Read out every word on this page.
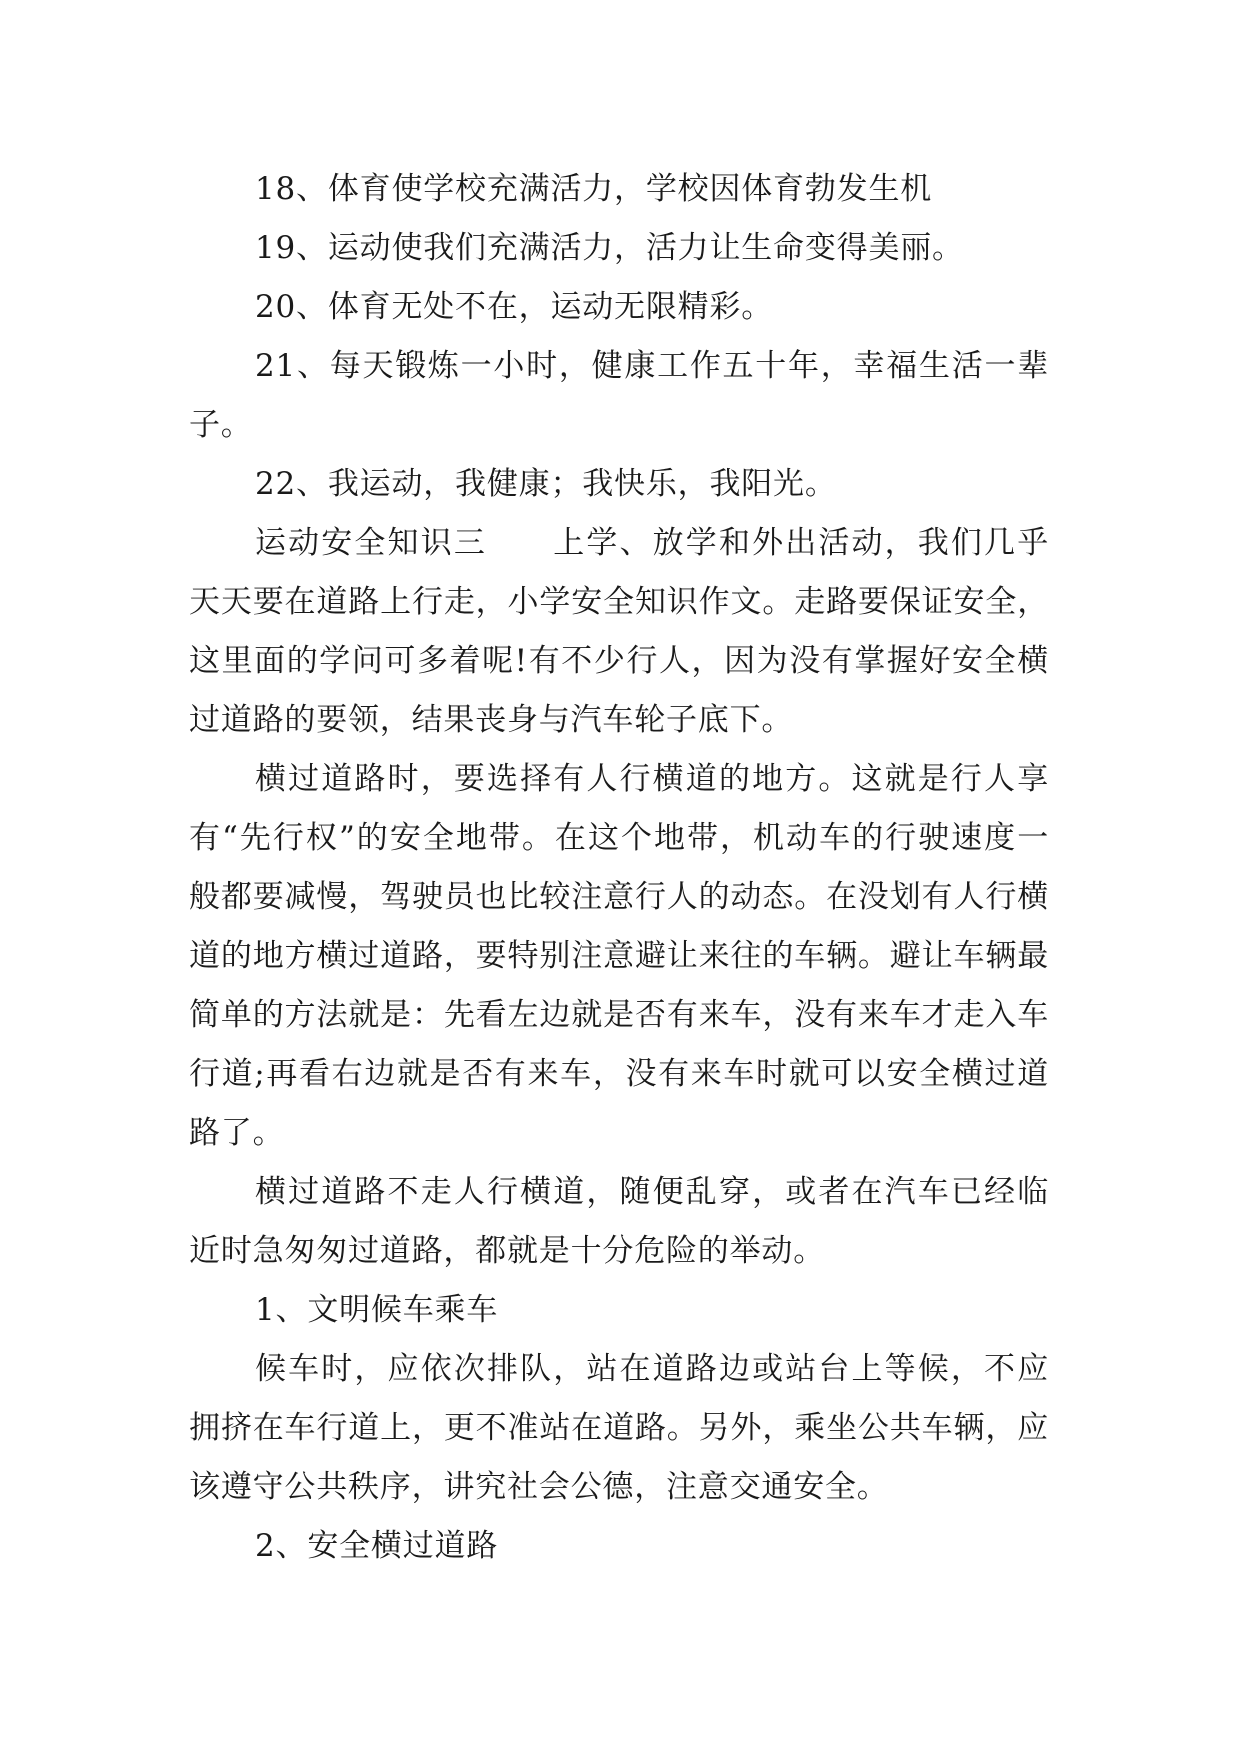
18、体育使学校充满活力，学校因体育勃发生机

19、运动使我们充满活力，活力让生命变得美丽。

20、体育无处不在，运动无限精彩。

21、每天锻炼一小时，健康工作五十年，幸福生活一辈子。

22、我运动，我健康；我快乐，我阳光。

运动安全知识三　　上学、放学和外出活动，我们几乎天天要在道路上行走，小学安全知识作文。走路要保证安全，这里面的学问可多着呢!有不少行人，因为没有掌握好安全横过道路的要领，结果丧身与汽车轮子底下。

横过道路时，要选择有人行横道的地方。这就是行人享有“先行权”的安全地带。在这个地带，机动车的行驶速度一般都要减慢，驾驶员也比较注意行人的动态。在没划有人行横道的地方横过道路，要特别注意避让来往的车辆。避让车辆最简单的方法就是：先看左边就是否有来车，没有来车才走入车行道;再看右边就是否有来车，没有来车时就可以安全横过道路了。

横过道路不走人行横道，随便乱穿，或者在汽车已经临近时急匆匆过道路，都就是十分危险的举动。

1、文明候车乘车

候车时，应依次排队，站在道路边或站台上等候，不应拥挤在车行道上，更不准站在道路。另外，乘坐公共车辆，应该遵守公共秩序，讲究社会公德，注意交通安全。

2、安全横过道路
